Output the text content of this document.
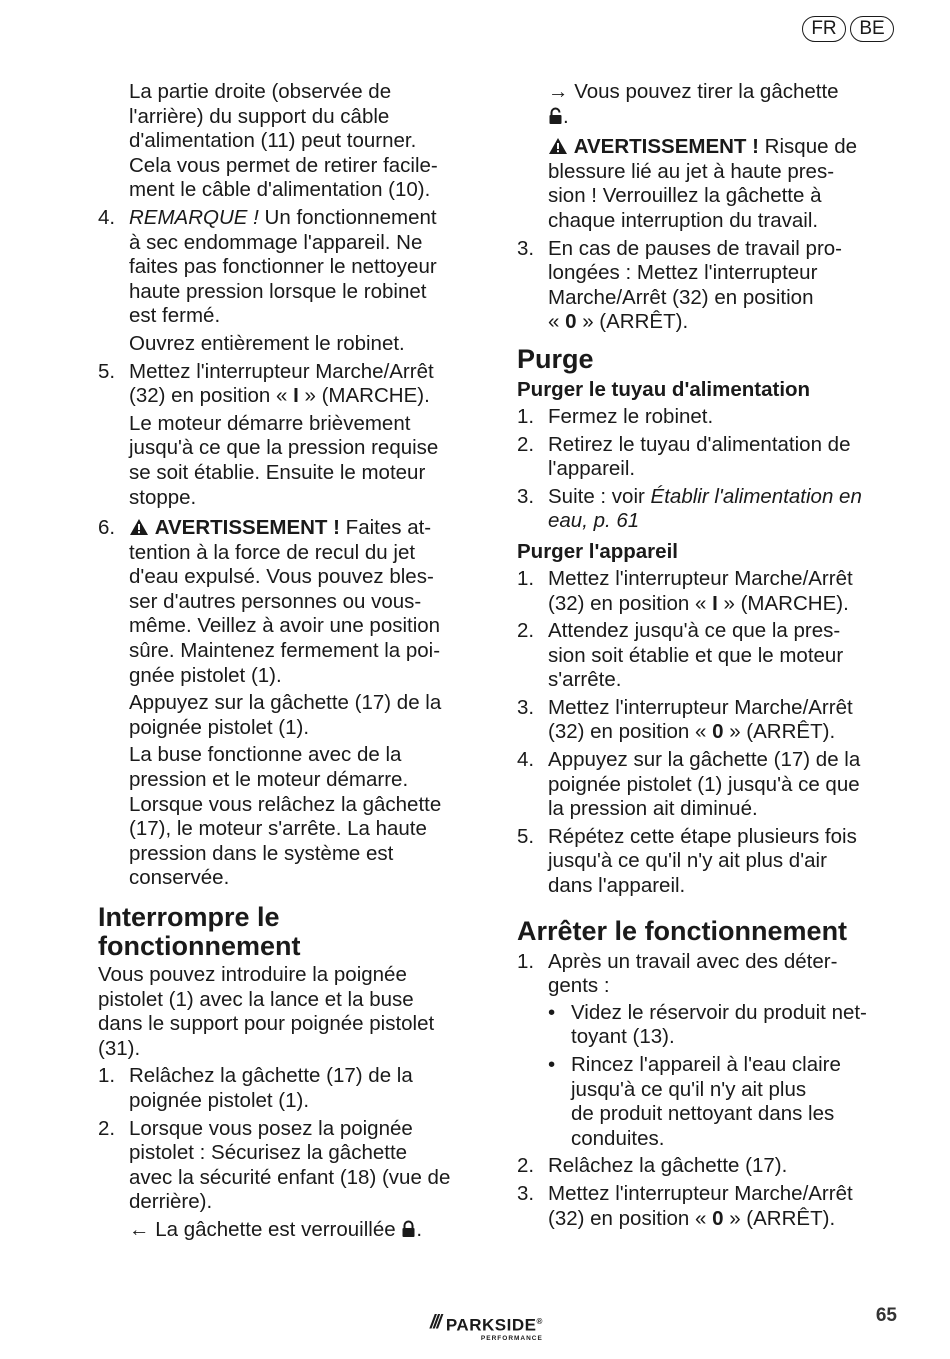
FR	BE

La partie droite (observée de
l'arrière) du support du câble
d'alimentation (11) peut tourner.
Cela vous permet de retirer facile-
ment le câble d'alimentation (10).

4. REMARQUE ! Un fonctionnement
à sec endommage l'appareil. Ne
faites pas fonctionner le nettoyeur
haute pression lorsque le robinet
est fermé.

Ouvrez entièrement le robinet.

5. Mettez l'interrupteur Marche/Arrêt
(32) en position « I » (MARCHE).

Le moteur démarre brièvement
jusqu'à ce que la pression requise
se soit établie. Ensuite le moteur
stoppe.

6. AVERTISSEMENT ! Faites at-
tention à la force de recul du jet
d'eau expulsé. Vous pouvez bles-
ser d'autres personnes ou vous-
même. Veillez à avoir une position
sûre. Maintenez fermement la poi-
gnée pistolet (1).

Appuyez sur la gâchette (17) de la
poignée pistolet (1).

La buse fonctionne avec de la
pression et le moteur démarre.
Lorsque vous relâchez la gâchette
(17), le moteur s'arrête. La haute
pression dans le système est
conservée.

Interrompre le
fonctionnement

Vous pouvez introduire la poignée
pistolet (1) avec la lance et la buse
dans le support pour poignée pistolet
(31).

1. Relâchez la gâchette (17) de la
poignée pistolet (1).
2. Lorsque vous posez la poignée
pistolet : Sécurisez la gâchette
avec la sécurité enfant (18) (vue de
derrière).

← La gâchette est verrouillée .

→ Vous pouvez tirer la gâchette
.

AVERTISSEMENT ! Risque de
blessure lié au jet à haute pres-
sion ! Verrouillez la gâchette à
chaque interruption du travail.

3. En cas de pauses de travail pro-
longées : Mettez l'interrupteur
Marche/Arrêt (32) en position
« 0 » (ARRÊT).
Purge
Purger le tuyau d'alimentation
1. Fermez le robinet.
2. Retirez le tuyau d'alimentation de
l'appareil.
3. Suite : voir Établir l'alimentation en
eau, p. 61
Purger l'appareil
1. Mettez l'interrupteur Marche/Arrêt
(32) en position « I » (MARCHE).
2. Attendez jusqu'à ce que la pres-
sion soit établie et que le moteur
s'arrête.
3. Mettez l'interrupteur Marche/Arrêt
(32) en position « 0 » (ARRÊT).
4. Appuyez sur la gâchette (17) de la
poignée pistolet (1) jusqu'à ce que
la pression ait diminué.
5. Répétez cette étape plusieurs fois
jusqu'à ce qu'il n'y ait plus d'air
dans l'appareil.
Arrêter le fonctionnement
1. Après un travail avec des déter-
gents :
• Videz le réservoir du produit net-
toyant (13).
• Rincez l'appareil à l'eau claire
jusqu'à ce qu'il n'y ait plus
de produit nettoyant dans les
conduites.
2. Relâchez la gâchette (17).
3. Mettez l'interrupteur Marche/Arrêt
(32) en position « 0 » (ARRÊT).
/// PARKSIDE®
PERFORMANCE
65
